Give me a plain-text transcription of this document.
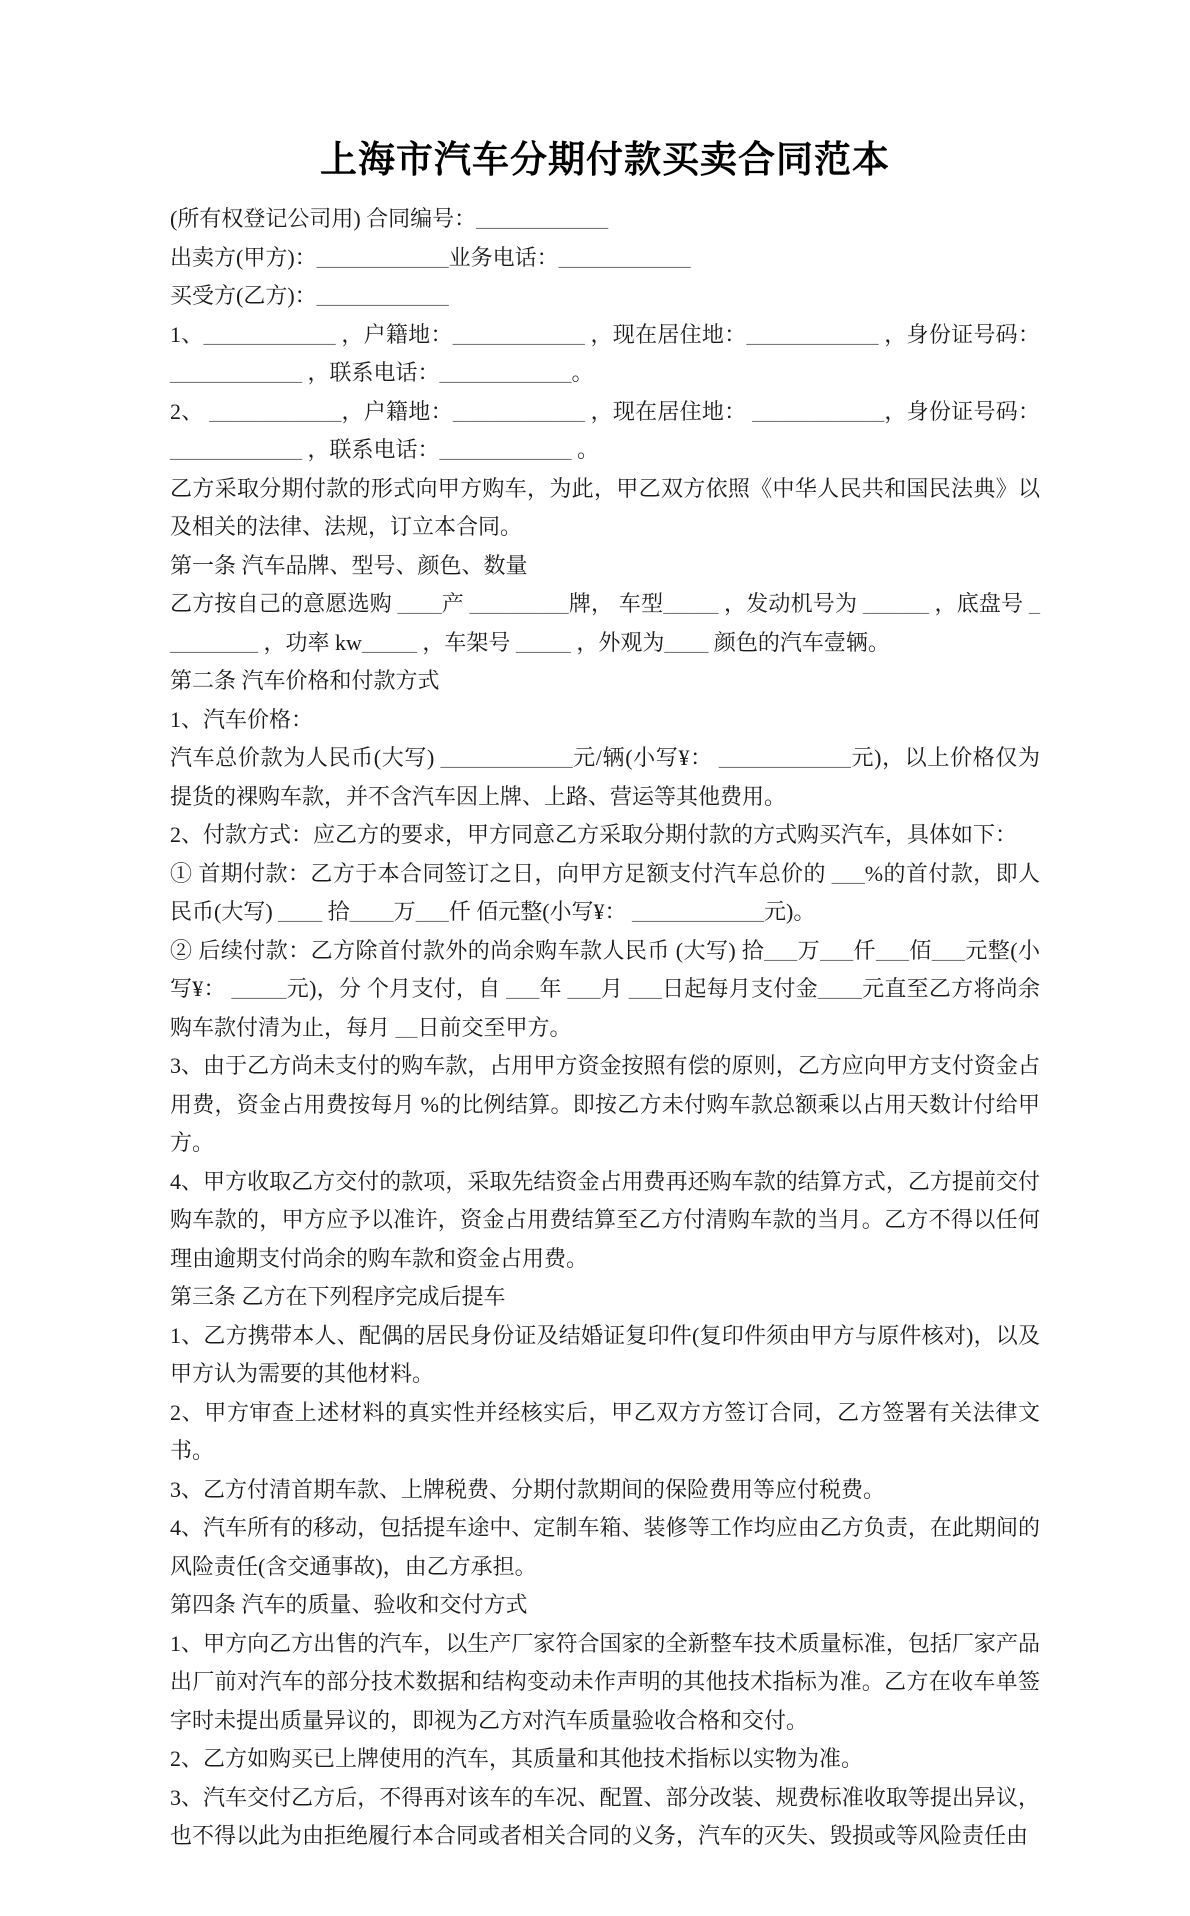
上海市汽车分期付款买卖合同范本

(所有权登记公司用) 合同编号：____________

出卖方(甲方)：____________业务电话：____________

买受方(乙方)：____________

1、____________ ，户籍地：____________ ，现在居住地：____________ ，身份证号码：____________ ，联系电话：____________。

2、 ____________，户籍地：____________ ，现在居住地： ____________，身份证号码：____________ ，联系电话：____________ 。

乙方采取分期付款的形式向甲方购车，为此，甲乙双方依照《中华人民共和国民法典》以及相关的法律、法规，订立本合同。

第一条 汽车品牌、型号、颜色、数量

乙方按自己的意愿选购 ____产 _________牌， 车型_____ ，发动机号为 ______ ，底盘号 _________ ，功率 kw_____ ，车架号 _____ ，外观为____ 颜色的汽车壹辆。

第二条 汽车价格和付款方式

1、汽车价格：

汽车总价款为人民币(大写) ____________元/辆(小写¥： ____________元)，以上价格仅为 提货的裸购车款，并不含汽车因上牌、上路、营运等其他费用。

2、付款方式：应乙方的要求，甲方同意乙方采取分期付款的方式购买汽车，具体如下：

① 首期付款：乙方于本合同签订之日，向甲方足额支付汽车总价的 ___%的首付款，即人民币(大写) ____ 拾____万___仟 佰元整(小写¥： ____________元)。

② 后续付款：乙方除首付款外的尚余购车款人民币 (大写) 拾___万___仟___佰___元整(小写¥： _____元)，分 个月支付，自 ___年 ___月 ___日起每月支付金____元直至乙方将尚余购车款付清为止，每月 __日前交至甲方。

3、由于乙方尚未支付的购车款，占用甲方资金按照有偿的原则，乙方应向甲方支付资金占用费，资金占用费按每月 %的比例结算。即按乙方未付购车款总额乘以占用天数计付给甲方。

4、甲方收取乙方交付的款项，采取先结资金占用费再还购车款的结算方式，乙方提前交付购车款的，甲方应予以准许，资金占用费结算至乙方付清购车款的当月。乙方不得以任何理由逾期支付尚余的购车款和资金占用费。

第三条 乙方在下列程序完成后提车

1、乙方携带本人、配偶的居民身份证及结婚证复印件(复印件须由甲方与原件核对)，以及甲方认为需要的其他材料。

2、甲方审查上述材料的真实性并经核实后，甲乙双方方签订合同，乙方签署有关法律文书。

3、乙方付清首期车款、上牌税费、分期付款期间的保险费用等应付税费。

4、汽车所有的移动，包括提车途中、定制车箱、装修等工作均应由乙方负责，在此期间的风险责任(含交通事故)，由乙方承担。

第四条 汽车的质量、验收和交付方式

1、甲方向乙方出售的汽车，以生产厂家符合国家的全新整车技术质量标准，包括厂家产品出厂前对汽车的部分技术数据和结构变动未作声明的其他技术指标为准。乙方在收车单签字时未提出质量异议的，即视为乙方对汽车质量验收合格和交付。

2、乙方如购买已上牌使用的汽车，其质量和其他技术指标以实物为准。

3、汽车交付乙方后，不得再对该车的车况、配置、部分改装、规费标准收取等提出异议，也不得以此为由拒绝履行本合同或者相关合同的义务，汽车的灭失、毁损或等风险责任由
